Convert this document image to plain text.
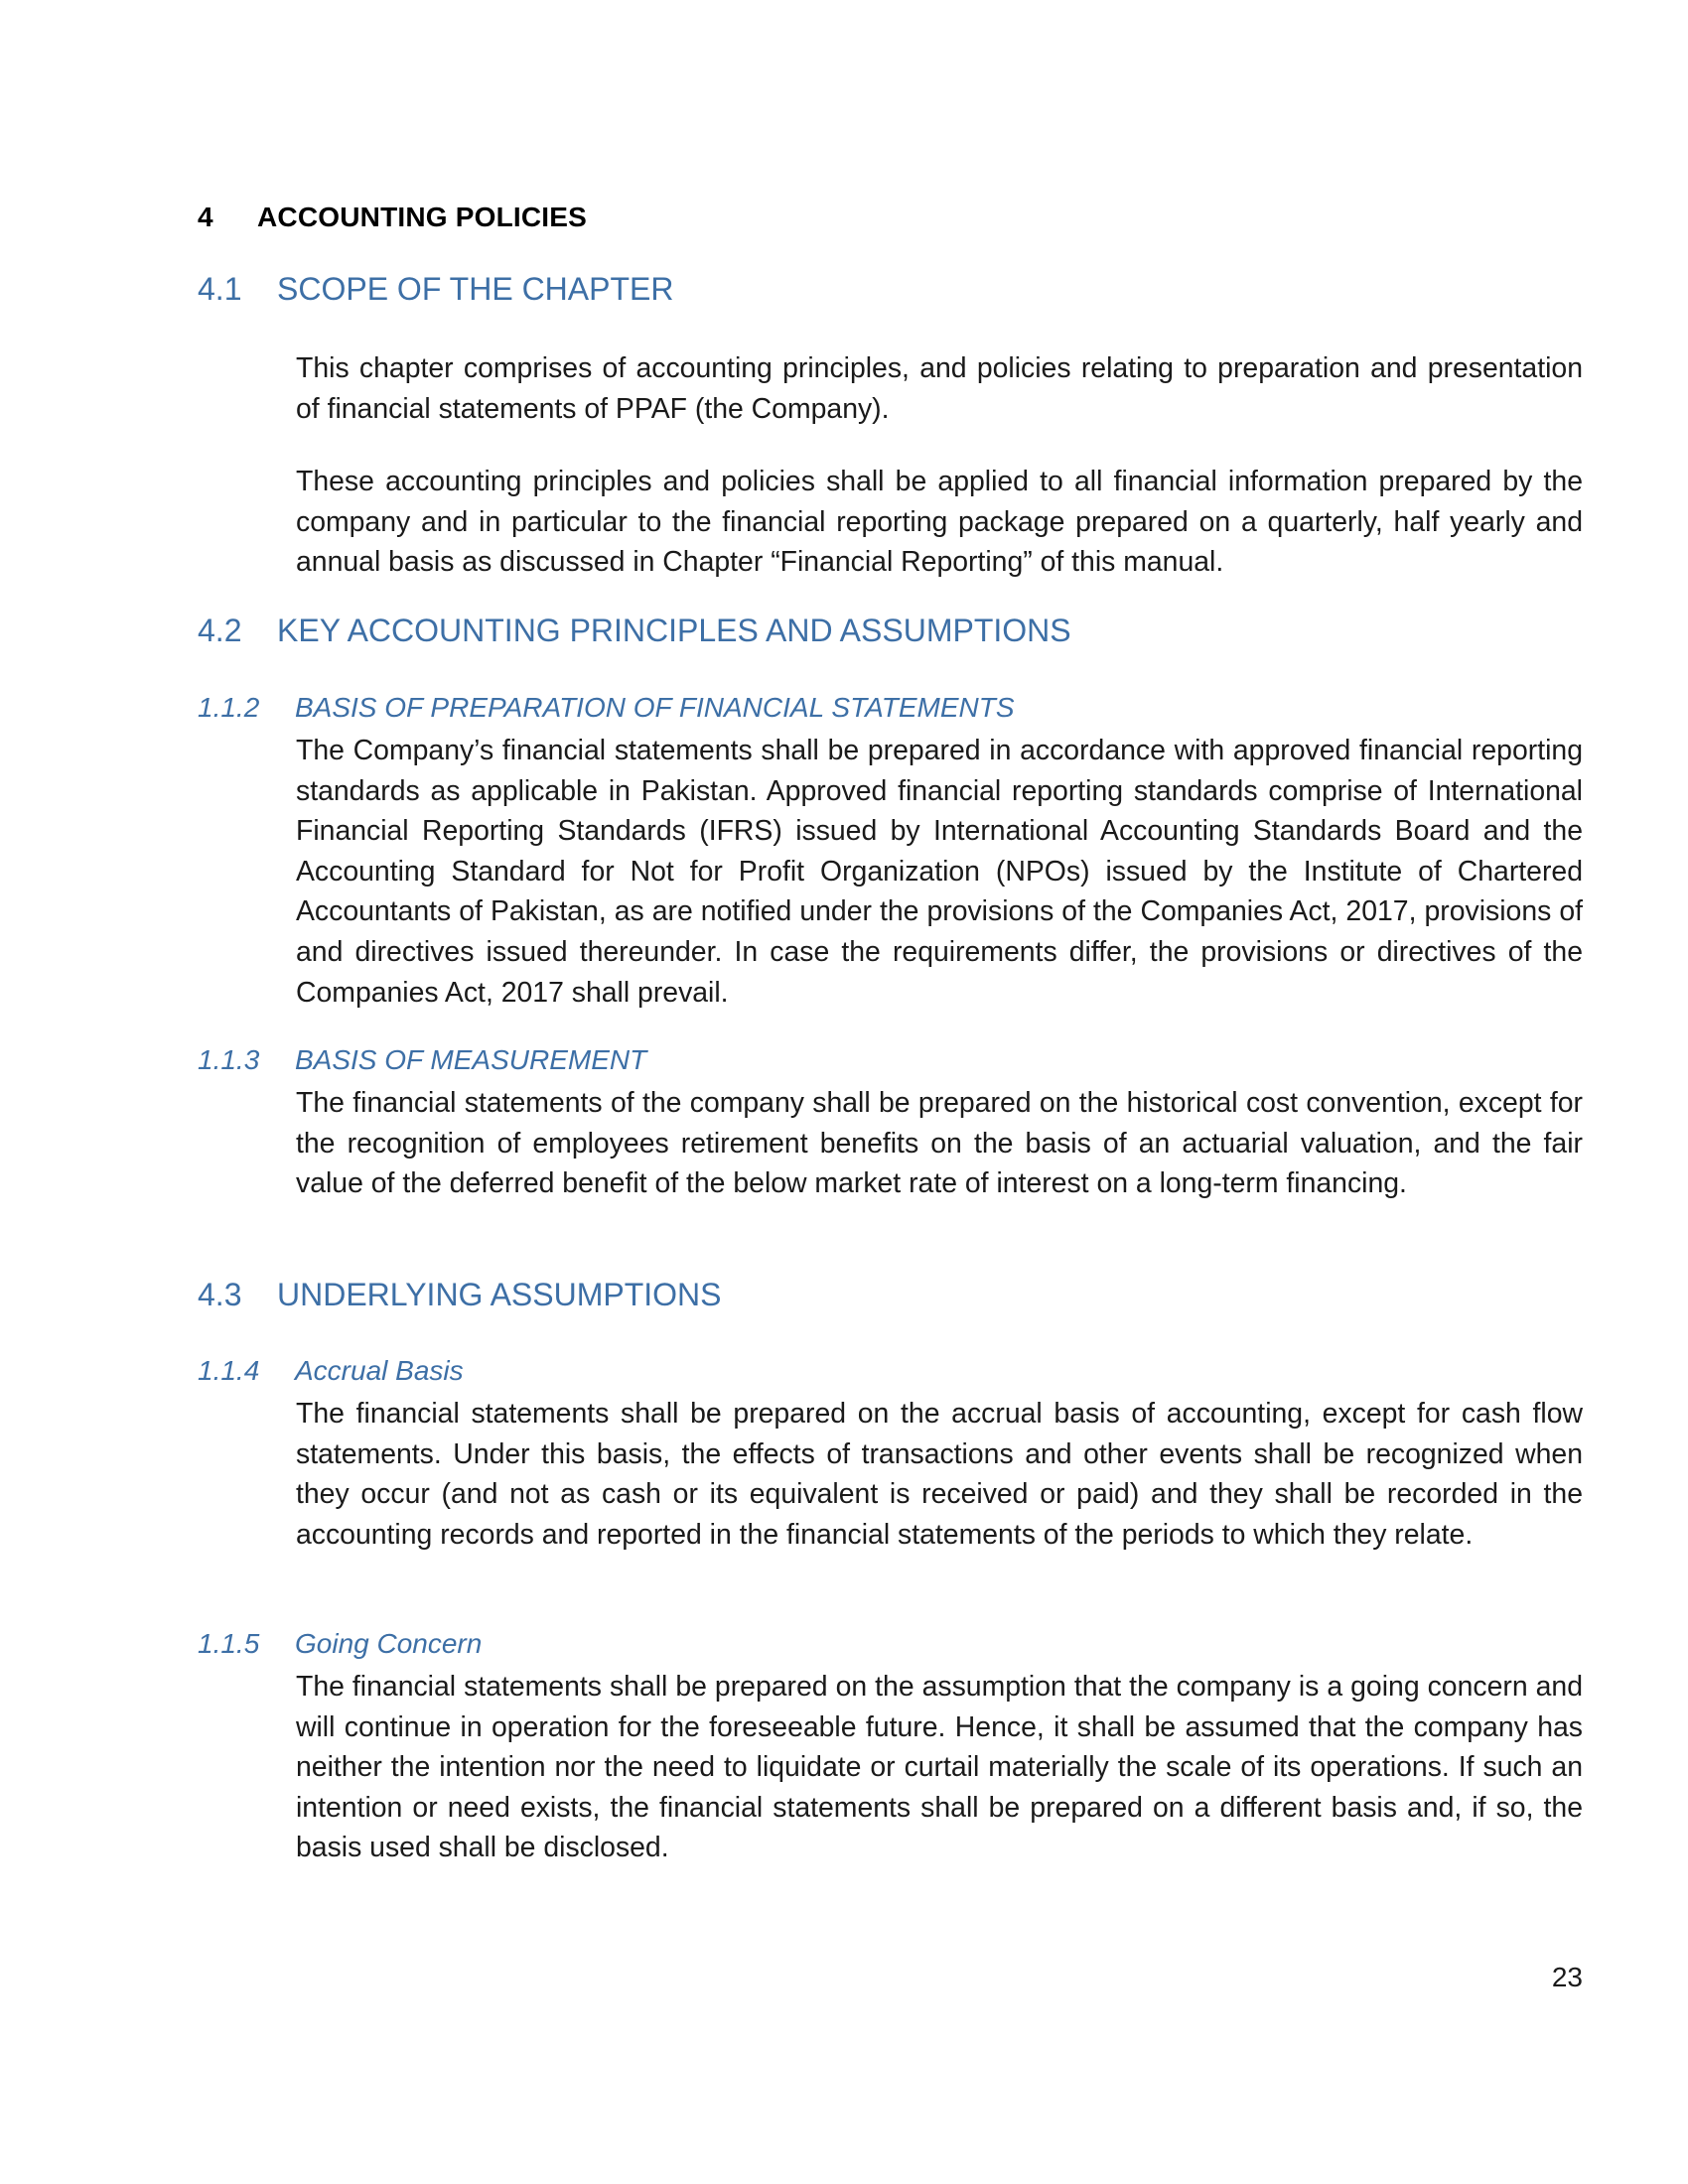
4 ACCOUNTING POLICIES
4.1 SCOPE OF THE CHAPTER
This chapter comprises of accounting principles, and policies relating to preparation and presentation of financial statements of PPAF (the Company).
These accounting principles and policies shall be applied to all financial information prepared by the company and in particular to the financial reporting package prepared on a quarterly, half yearly and annual basis as discussed in Chapter “Financial Reporting” of this manual.
4.2 KEY ACCOUNTING PRINCIPLES AND ASSUMPTIONS
1.1.2 BASIS OF PREPARATION OF FINANCIAL STATEMENTS
The Company’s financial statements shall be prepared in accordance with approved financial reporting standards as applicable in Pakistan. Approved financial reporting standards comprise of International Financial Reporting Standards (IFRS) issued by International Accounting Standards Board and the Accounting Standard for Not for Profit Organization (NPOs) issued by the Institute of Chartered Accountants of Pakistan, as are notified under the provisions of the Companies Act, 2017, provisions of and directives issued thereunder. In case the requirements differ, the provisions or directives of the Companies Act, 2017 shall prevail.
1.1.3 BASIS OF MEASUREMENT
The financial statements of the company shall be prepared on the historical cost convention, except for the recognition of employees retirement benefits on the basis of an actuarial valuation, and the fair value of the deferred benefit of the below market rate of interest on a long-term financing.
4.3 UNDERLYING ASSUMPTIONS
1.1.4 Accrual Basis
The financial statements shall be prepared on the accrual basis of accounting, except for cash flow statements. Under this basis, the effects of transactions and other events shall be recognized when they occur (and not as cash or its equivalent is received or paid) and they shall be recorded in the accounting records and reported in the financial statements of the periods to which they relate.
1.1.5 Going Concern
The financial statements shall be prepared on the assumption that the company is a going concern and will continue in operation for the foreseeable future. Hence, it shall be assumed that the company has neither the intention nor the need to liquidate or curtail materially the scale of its operations. If such an intention or need exists, the financial statements shall be prepared on a different basis and, if so, the basis used shall be disclosed.
23
